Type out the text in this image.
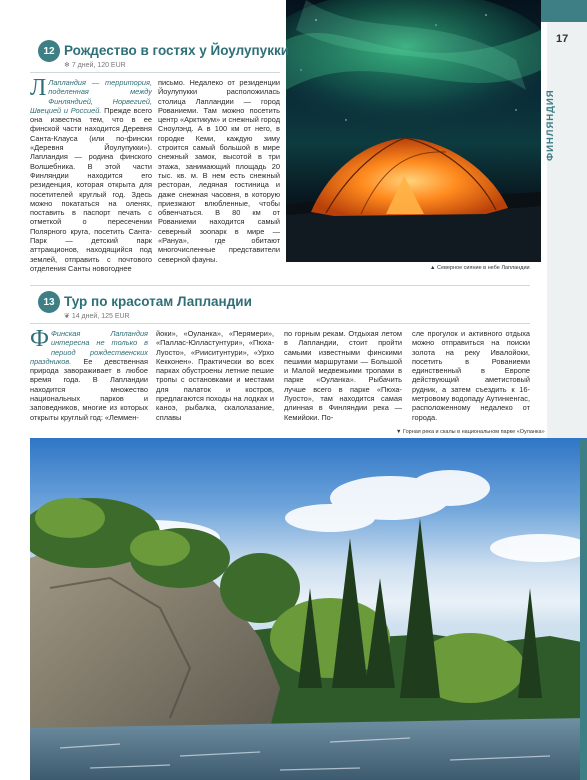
17
ФИНЛЯНДИЯ
▲ Северное сияние в небе Лапландии
12 Рождество в гостях у Йоулупукки
❄ 7 дней, 120 EUR
Л Лапландия — территория, поделенная между Финляндией, Норвегией, Швецией и Россией. Прежде всего она известна тем, что в ее финской части находится Деревня Санта-Клауса (или по-фински «Деревня Йоулупукки»). Лапландия — родина финского Волшебника. В этой части Финляндии находится его резиденция, которая открыта для посетителей круглый год. Здесь можно покататься на оленях, поставить в паспорт печать с отметкой о пересечении Полярного круга, посетить Санта-Парк — детский парк аттракционов, находящийся под землей, отправить с почтового отделения Санты новогоднее
письмо. Недалеко от резиденции Йоулупукки расположилась столица Лапландии — город Рованиеми. Там можно посетить центр «Арктикум» и снежный город Сноулэнд. А в 100 км от него, в городке Кеми, каждую зиму строится самый большой в мире снежный замок, высотой в три этажа, занимающий площадь 20 тыс. кв. м. В нем есть снежный ресторан, ледяная гостиница и даже снежная часовня, в которую приезжают влюбленные, чтобы обвенчаться. В 80 км от Рованиеми находится самый северный зоопарк в мире — «Рануа», где обитают многочисленные представители северной фауны.
13 Тур по красотам Лапландии
❦ 14 дней, 125 EUR
Ф Финская Лапландия интересна не только в период рождественских праздников. Ее девственная природа завораживает в любое время года. В Лапландии находится множество национальных парков и заповедников, многие из которых открыты круглый год: «Леммен-
йоки», «Оуланка», «Перямери», «Паллас-Юлластунтури», «Пюха-Луосто», «Рииситунтури», «Урхо Кекконен». Практически во всех парках обустроены летние пешие тропы с остановками и местами для палаток и костров, предлагаются походы на лодках и каноэ, рыбалка, скалолазание, сплавы
по горным рекам. Отдыхая летом в Лапландии, стоит пройти самыми известными финскими пешими маршрутами — Большой и Малой медвежьими тропами в парке «Оуланка». Рыбачить лучше всего в парке «Пюха-Луосто», там находится самая длинная в Финляндии река — Кемийоки. По-
сле прогулок и активного отдыха можно отправиться на поиски золота на реку Ивалойоки, посетить в Рованиеми единственный в Европе действующий аметистовый рудник, а затем съездить к 16-метровому водопаду Аутинкенгас, расположенному недалеко от города.
▼ Горная река и скалы в национальном парке «Оуланка»
